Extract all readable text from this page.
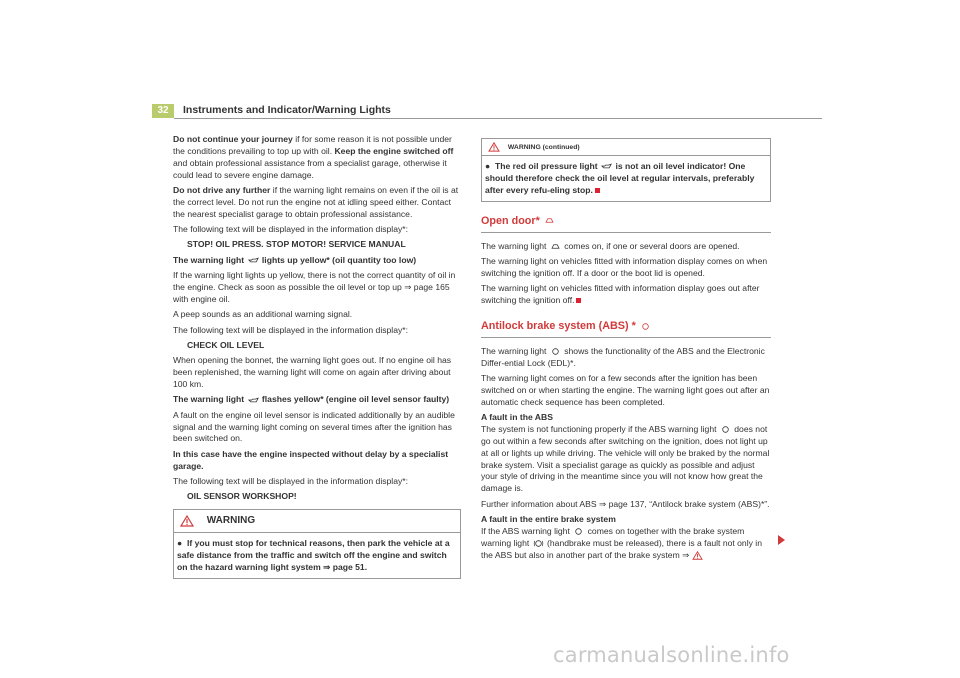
32	Instruments and Indicator/Warning Lights

Do not continue your journey if for some reason it is not possible under the conditions prevailing to top up with oil. Keep the engine switched off and obtain professional assistance from a specialist garage, otherwise it could lead to severe engine damage.

Do not drive any further if the warning light remains on even if the oil is at the correct level. Do not run the engine not at idling speed either. Contact the nearest specialist garage to obtain professional assistance.

The following text will be displayed in the information display*:

STOP! OIL PRESS. STOP MOTOR! SERVICE MANUAL

The warning light  lights up yellow* (oil quantity too low)

If the warning light lights up yellow, there is not the correct quantity of oil in the engine. Check as soon as possible the oil level or top up ⇒ page 165 with engine oil.

A peep sounds as an additional warning signal.

The following text will be displayed in the information display*:

CHECK OIL LEVEL

When opening the bonnet, the warning light goes out. If no engine oil has been replenished, the warning light will come on again after driving about 100 km.

The warning light  flashes yellow* (engine oil level sensor faulty)

A fault on the engine oil level sensor is indicated additionally by an audible signal and the warning light coming on several times after the ignition has been switched on.

In this case have the engine inspected without delay by a specialist garage.

The following text will be displayed in the information display*:

OIL SENSOR WORKSHOP!

WARNING
● If you must stop for technical reasons, then park the vehicle at a safe distance from the traffic and switch off the engine and switch on the hazard warning light system ⇒ page 51.
WARNING (continued)
● The red oil pressure light  is not an oil level indicator! One should therefore check the oil level at regular intervals, preferably after every refu-eling stop.
Open door*

The warning light  comes on, if one or several doors are opened.

The warning light on vehicles fitted with information display comes on when switching the ignition off. If a door or the boot lid is opened.

The warning light on vehicles fitted with information display goes out after switching the ignition off.

Antilock brake system (ABS) *

The warning light  shows the functionality of the ABS and the Electronic Differ-ential Lock (EDL)*.

The warning light comes on for a few seconds after the ignition has been switched on or when starting the engine. The warning light goes out after an automatic check sequence has been completed.

A fault in the ABS

The system is not functioning properly if the ABS warning light  does not go out within a few seconds after switching on the ignition, does not light up at all or lights up while driving. The vehicle will only be braked by the normal brake system. Visit a specialist garage as quickly as possible and adjust your style of driving in the meantime since you will not know how great the damage is.

Further information about ABS ⇒ page 137, “Antilock brake system (ABS)*”.

A fault in the entire brake system

If the ABS warning light  comes on together with the brake system warning light  (handbrake must be released), there is a fault not only in the ABS but also in another part of the brake system ⇒

carmanualsonline.info
